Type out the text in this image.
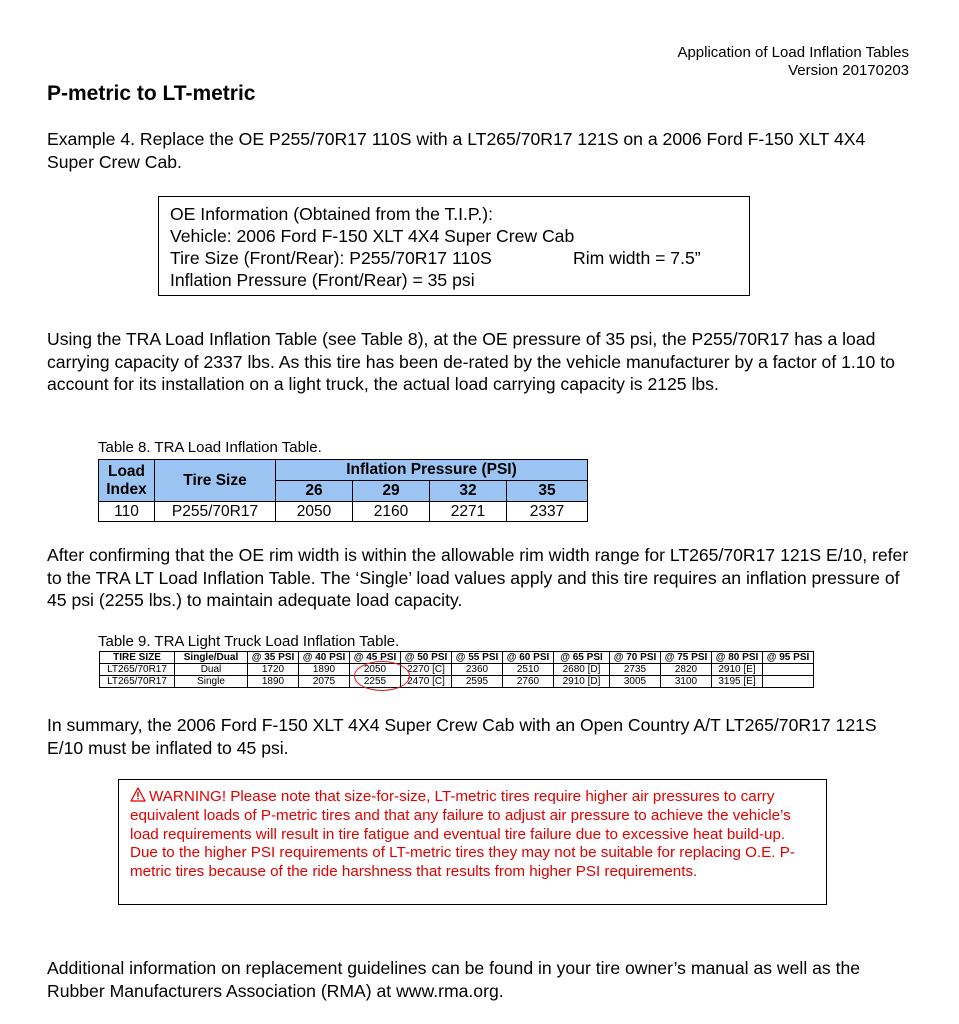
Application of Load Inflation Tables
Version 20170203
P-metric to LT-metric
Example 4. Replace the OE P255/70R17 110S with a LT265/70R17 121S on a 2006 Ford F-150 XLT 4X4 Super Crew Cab.
OE Information (Obtained from the T.I.P.):
Vehicle: 2006 Ford F-150 XLT 4X4 Super Crew Cab
Tire Size (Front/Rear): P255/70R17 110S	Rim width = 7.5”
Inflation Pressure (Front/Rear) = 35 psi
Using the TRA Load Inflation Table (see Table 8), at the OE pressure of 35 psi, the P255/70R17 has a load carrying capacity of 2337 lbs. As this tire has been de-rated by the vehicle manufacturer by a factor of 1.10 to account for its installation on a light truck, the actual load carrying capacity is 2125 lbs.
Table 8. TRA Load Inflation Table.
Load
Index	Tire Size	Inflation Pressure (PSI)			
		26	29	32	35
110	P255/70R17	2050	2160	2271	2337
After confirming that the OE rim width is within the allowable rim width range for LT265/70R17 121S E/10, refer to the TRA LT Load Inflation Table. The ‘Single’ load values apply and this tire requires an inflation pressure of 45 psi (2255 lbs.) to maintain adequate load capacity.
Table 9. TRA Light Truck Load Inflation Table.
TIRE SIZE	Single/Dual	@ 35 PSI	@ 40 PSI	@ 45 PSI	@ 50 PSI	@ 55 PSI	@ 60 PSI	@ 65 PSI	@ 70 PSI	@ 75 PSI	@ 80 PSI	@ 95 PSI
LT265/70R17	Dual	1720	1890	2050	2270 [C]	2360	2510	2680 [D]	2735	2820	2910 [E]	
LT265/70R17	Single	1890	2075	2255	2470 [C]	2595	2760	2910 [D]	3005	3100	3195 [E]	
In summary, the 2006 Ford F-150 XLT 4X4 Super Crew Cab with an Open Country A/T LT265/70R17 121S E/10 must be inflated to 45 psi.
WARNING! Please note that size-for-size, LT-metric tires require higher air pressures to carry equivalent loads of P-metric tires and that any failure to adjust air pressure to achieve the vehicle’s load requirements will result in tire fatigue and eventual tire failure due to excessive heat build-up. Due to the higher PSI requirements of LT-metric tires they may not be suitable for replacing O.E. P-metric tires because of the ride harshness that results from higher PSI requirements.
Additional information on replacement guidelines can be found in your tire owner’s manual as well as the Rubber Manufacturers Association (RMA) at www.rma.org.
